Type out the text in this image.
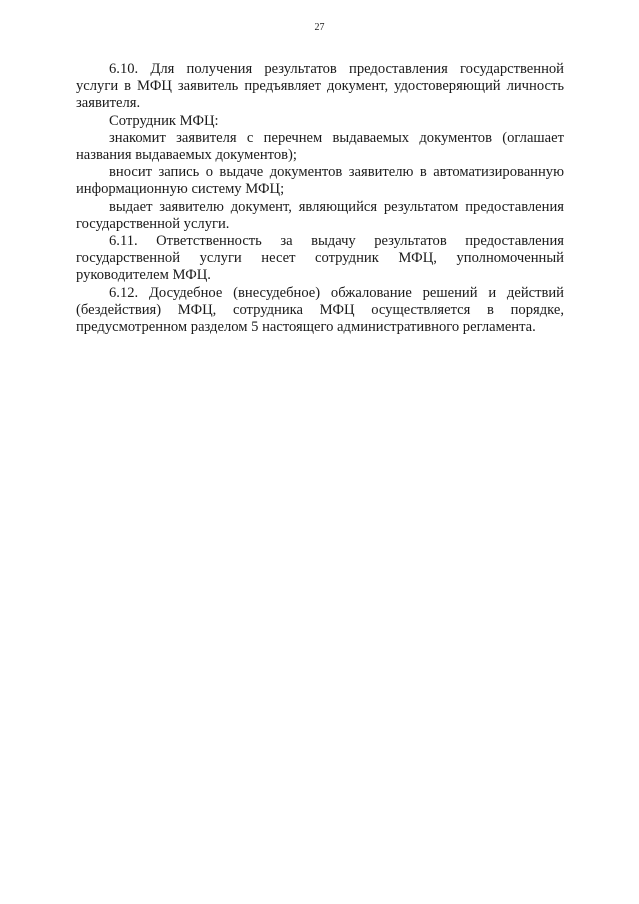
27

6.10. Для получения результатов предоставления государственной услуги в МФЦ заявитель предъявляет документ, удостоверяющий личность заявителя.

Сотрудник МФЦ:

знакомит заявителя с перечнем выдаваемых документов (оглашает названия выдаваемых документов);

вносит запись о выдаче документов заявителю в автоматизированную информационную систему МФЦ;

выдает заявителю документ, являющийся результатом предоставления государственной услуги.

6.11. Ответственность за выдачу результатов предоставления государственной услуги несет сотрудник МФЦ, уполномоченный руководителем МФЦ.

6.12. Досудебное (внесудебное) обжалование решений и действий (бездействия) МФЦ, сотрудника МФЦ осуществляется в порядке, предусмотренном разделом 5 настоящего административного регламента.
